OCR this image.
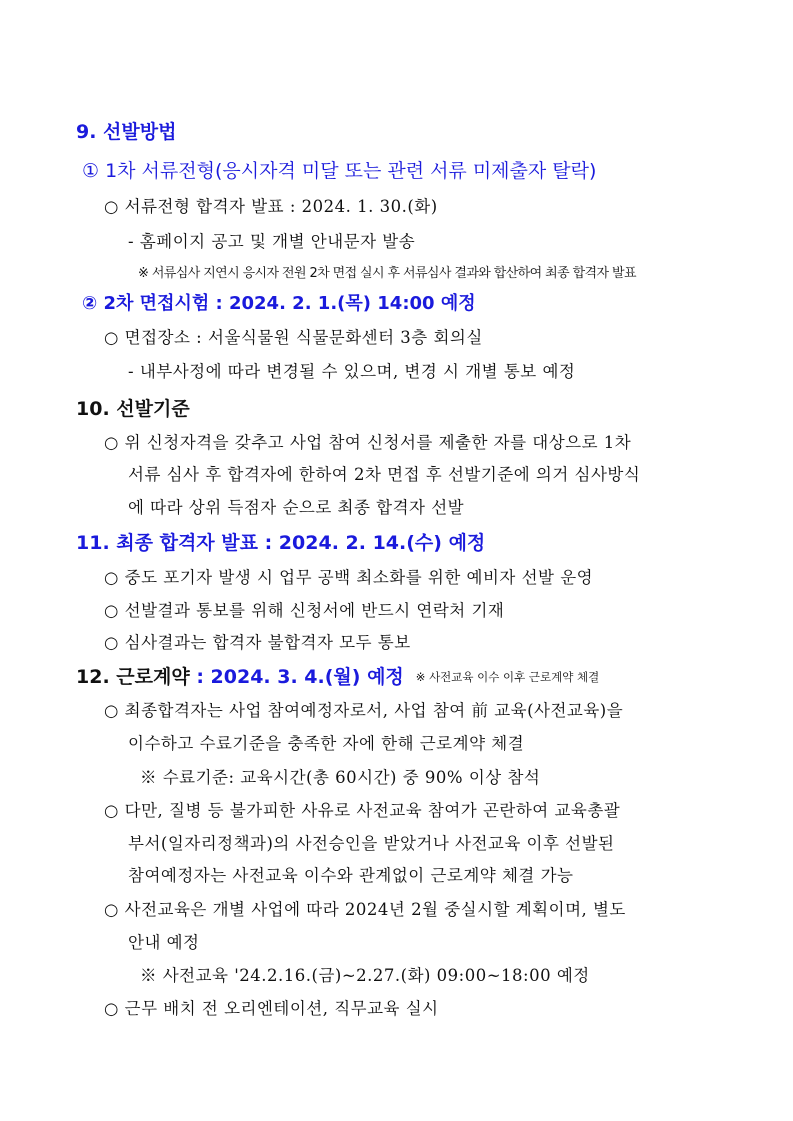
9. 선발방법
① 1차 서류전형(응시자격 미달 또는 관련 서류 미제출자 탈락)
○ 서류전형 합격자 발표 : 2024. 1. 30.(화)
- 홈페이지 공고 및 개별 안내문자 발송
※ 서류심사 지연시 응시자 전원 2차 면접 실시 후 서류심사 결과와 합산하여 최종 합격자 발표
② 2차 면접시험 : 2024. 2. 1.(목) 14:00 예정
○ 면접장소 : 서울식물원 식물문화센터 3층 회의실
- 내부사정에 따라 변경될 수 있으며, 변경 시 개별 통보 예정
10. 선발기준
○ 위 신청자격을 갖추고 사업 참여 신청서를 제출한 자를 대상으로 1차
서류 심사 후 합격자에 한하여 2차 면접 후 선발기준에 의거 심사방식
에 따라 상위 득점자 순으로 최종 합격자 선발
11. 최종 합격자 발표 : 2024. 2. 14.(수) 예정
○ 중도 포기자 발생 시 업무 공백 최소화를 위한 예비자 선발 운영
○ 선발결과 통보를 위해 신청서에 반드시 연락처 기재
○ 심사결과는 합격자 불합격자 모두 통보
12. 근로계약 : 2024. 3. 4.(월) 예정 ※ 사전교육 이수 이후 근로계약 체결
○ 최종합격자는 사업 참여예정자로서, 사업 참여 前 교육(사전교육)을
이수하고 수료기준을 충족한 자에 한해 근로계약 체결
※ 수료기준: 교육시간(총 60시간) 중 90% 이상 참석
○ 다만, 질병 등 불가피한 사유로 사전교육 참여가 곤란하여 교육총괄
부서(일자리정책과)의 사전승인을 받았거나 사전교육 이후 선발된
참여예정자는 사전교육 이수와 관계없이 근로계약 체결 가능
○ 사전교육은 개별 사업에 따라 2024년 2월 중실시할 계획이며, 별도
안내 예정
※ 사전교육 '24.2.16.(금)~2.27.(화) 09:00~18:00 예정
○ 근무 배치 전 오리엔테이션, 직무교육 실시
